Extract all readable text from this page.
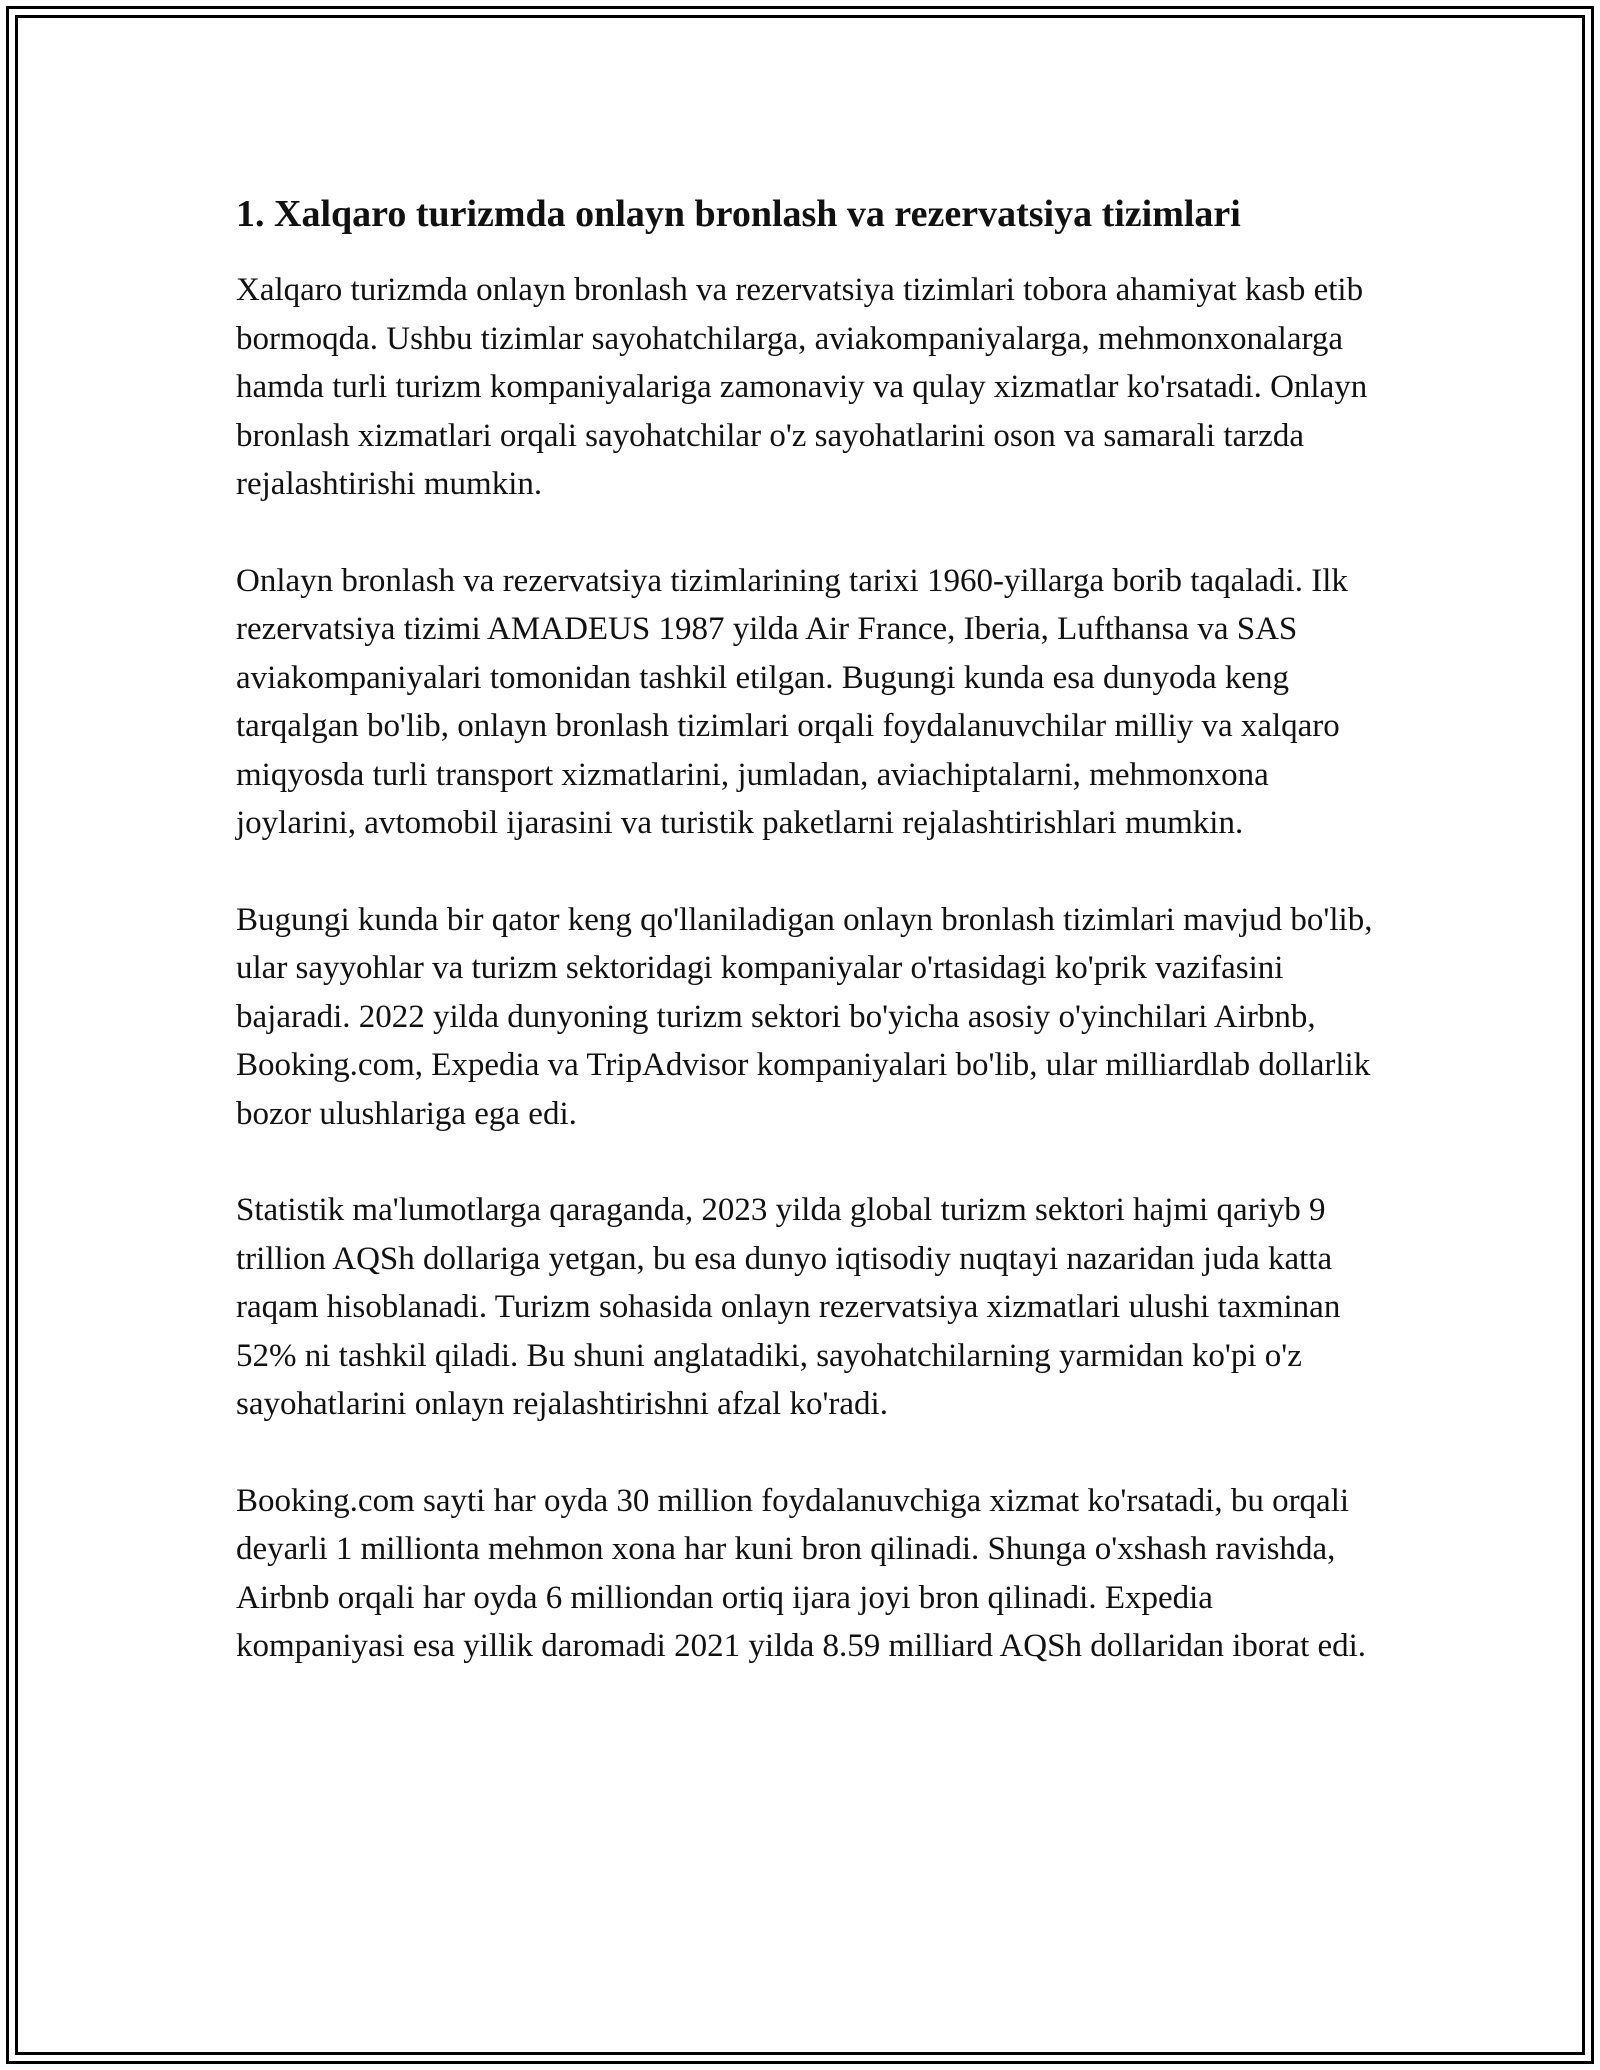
1. Xalqaro turizmda onlayn bronlash va rezervatsiya tizimlari

Xalqaro turizmda onlayn bronlash va rezervatsiya tizimlari tobora ahamiyat kasb etib bormoqda. Ushbu tizimlar sayohatchilarga, aviakompaniyalarga, mehmonxonalarga hamda turli turizm kompaniyalariga zamonaviy va qulay xizmatlar ko'rsatadi. Onlayn bronlash xizmatlari orqali sayohatchilar o'z sayohatlarini oson va samarali tarzda rejalashtirishi mumkin.

Onlayn bronlash va rezervatsiya tizimlarining tarixi 1960-yillarga borib taqaladi. Ilk rezervatsiya tizimi AMADEUS 1987 yilda Air France, Iberia, Lufthansa va SAS aviakompaniyalari tomonidan tashkil etilgan. Bugungi kunda esa dunyoda keng tarqalgan bo'lib, onlayn bronlash tizimlari orqali foydalanuvchilar milliy va xalqaro miqyosda turli transport xizmatlarini, jumladan, aviachiptalarni, mehmonxona joylarini, avtomobil ijarasini va turistik paketlarni rejalashtirishlari mumkin.

Bugungi kunda bir qator keng qo'llaniladigan onlayn bronlash tizimlari mavjud bo'lib, ular sayyohlar va turizm sektoridagi kompaniyalar o'rtasidagi ko'prik vazifasini bajaradi. 2022 yilda dunyoning turizm sektori bo'yicha asosiy o'yinchilari Airbnb, Booking.com, Expedia va TripAdvisor kompaniyalari bo'lib, ular milliardlab dollarlik bozor ulushlariga ega edi.

Statistik ma'lumotlarga qaraganda, 2023 yilda global turizm sektori hajmi qariyb 9 trillion AQSh dollariga yetgan, bu esa dunyo iqtisodiy nuqtayi nazaridan juda katta raqam hisoblanadi. Turizm sohasida onlayn rezervatsiya xizmatlari ulushi taxminan 52% ni tashkil qiladi. Bu shuni anglatadiki, sayohatchilarning yarmidan ko'pi o'z sayohatlarini onlayn rejalashtirishni afzal ko'radi.

Booking.com sayti har oyda 30 million foydalanuvchiga xizmat ko'rsatadi, bu orqali deyarli 1 millionta mehmon xona har kuni bron qilinadi. Shunga o'xshash ravishda, Airbnb orqali har oyda 6 milliondan ortiq ijara joyi bron qilinadi. Expedia kompaniyasi esa yillik daromadi 2021 yilda 8.59 milliard AQSh dollaridan iborat edi.
